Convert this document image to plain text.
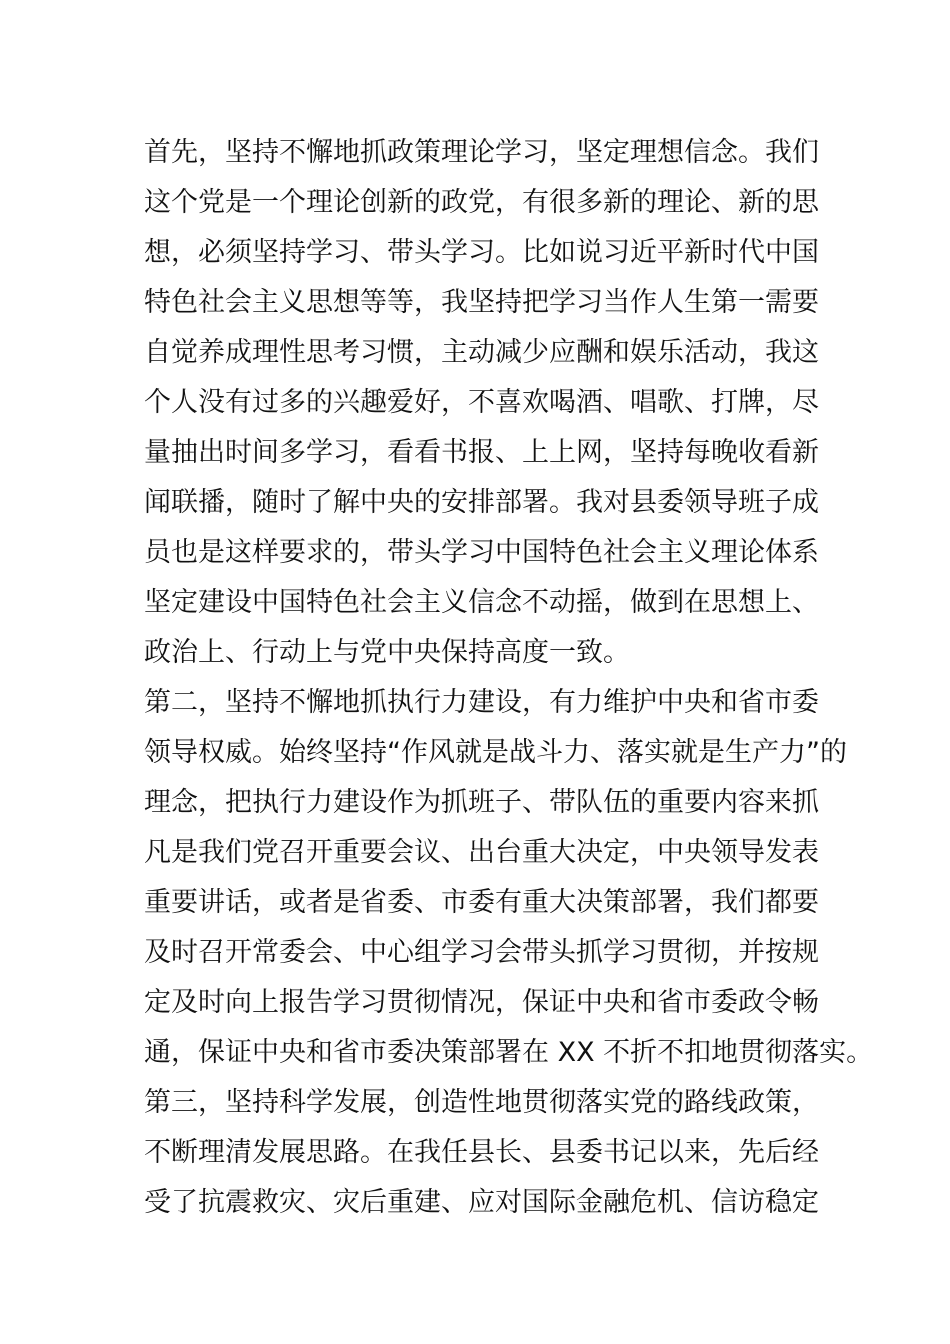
首先，坚持不懈地抓政策理论学习，坚定理想信念。我们
这个党是一个理论创新的政党，有很多新的理论、新的思
想，必须坚持学习、带头学习。比如说习近平新时代中国
特色社会主义思想等等，我坚持把学习当作人生第一需要
自觉养成理性思考习惯，主动减少应酬和娱乐活动，我这
个人没有过多的兴趣爱好，不喜欢喝酒、唱歌、打牌，尽
量抽出时间多学习，看看书报、上上网，坚持每晚收看新
闻联播，随时了解中央的安排部署。我对县委领导班子成
员也是这样要求的，带头学习中国特色社会主义理论体系
坚定建设中国特色社会主义信念不动摇，做到在思想上、
政治上、行动上与党中央保持高度一致。
第二，坚持不懈地抓执行力建设，有力维护中央和省市委
领导权威。始终坚持“作风就是战斗力、落实就是生产力”的
理念，把执行力建设作为抓班子、带队伍的重要内容来抓
凡是我们党召开重要会议、出台重大决定，中央领导发表
重要讲话，或者是省委、市委有重大决策部署，我们都要
及时召开常委会、中心组学习会带头抓学习贯彻，并按规
定及时向上报告学习贯彻情况，保证中央和省市委政令畅
通，保证中央和省市委决策部署在 XX 不折不扣地贯彻落实。
第三，坚持科学发展，创造性地贯彻落实党的路线政策，
不断理清发展思路。在我任县长、县委书记以来，先后经
受了抗震救灾、灾后重建、应对国际金融危机、信访稳定
